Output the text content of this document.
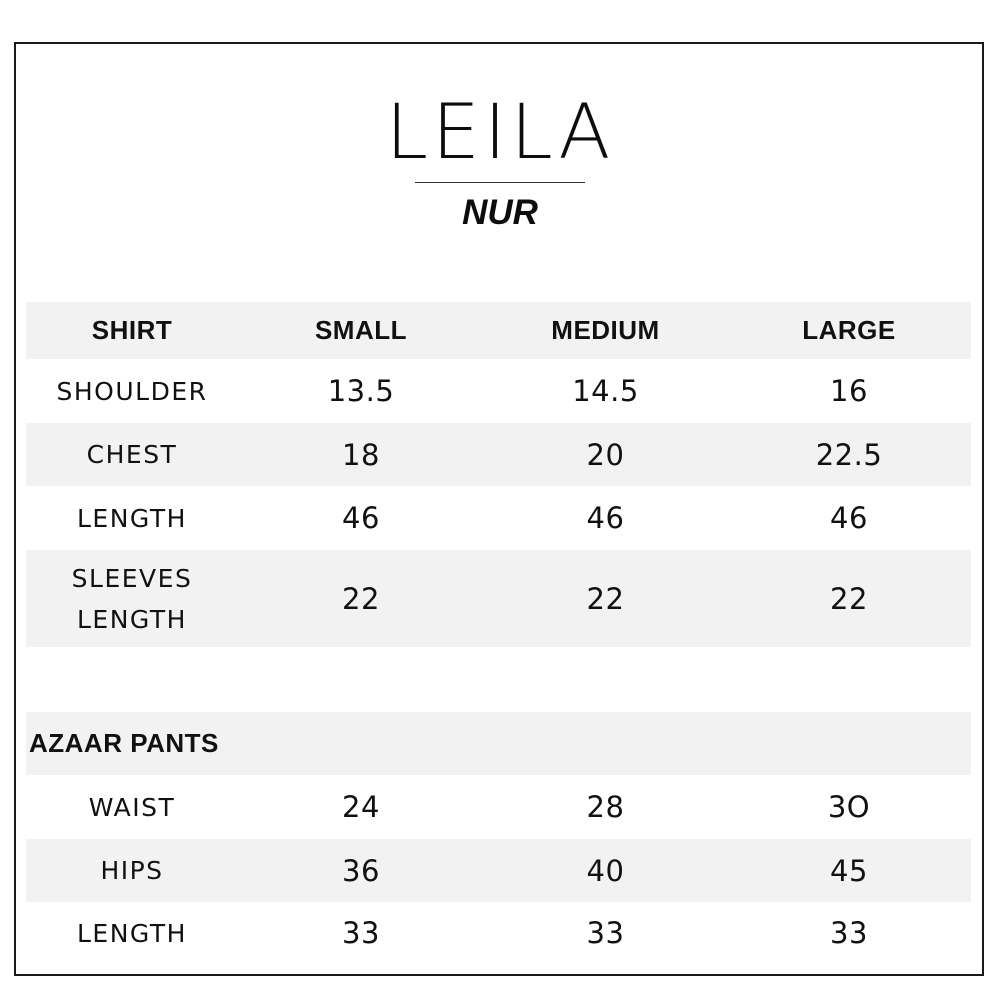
LEILA
NUR
SHIRT	SMALL	MEDIUM	LARGE
SHOULDER	13.5	14.5	16
CHEST	18	20	22.5
LENGTH	46	46	46
SLEEVES
LENGTH
22	22	22
AZAAR PANTS
WAIST	24	28	3O
HIPS	36	40	45
LENGTH	33	33	33
